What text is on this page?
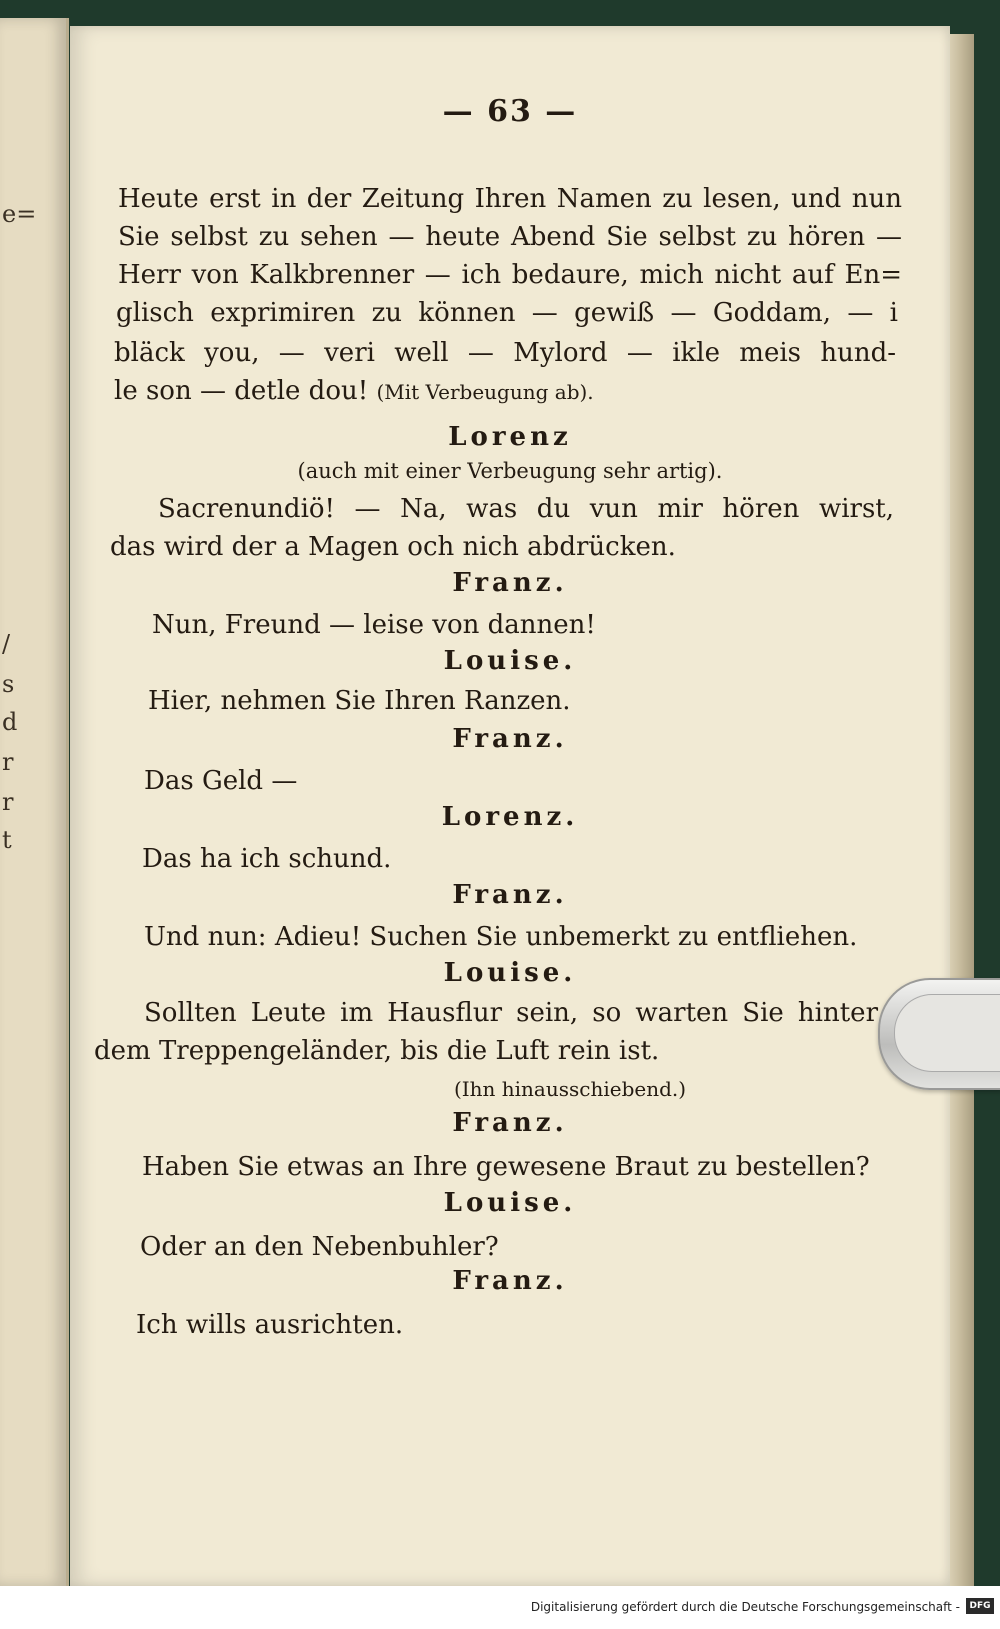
e=
/
s
d
r
r
t
— 63 —
Heute erst in der Zeitung Ihren Namen zu lesen, und nun
Sie selbst zu sehen — heute Abend Sie selbst zu hören —
Herr von Kalkbrenner — ich bedaure, mich nicht auf En=
glisch exprimiren zu können — gewiß — Goddam, — i
bläck you, — veri well — Mylord — ikle meis hund-
le son — detle dou! (Mit Verbeugung ab).
Lorenz
(auch mit einer Verbeugung sehr artig).
Sacrenundiö! — Na, was du vun mir hören wirst,
das wird der a Magen och nich abdrücken.
Franz.
Nun, Freund — leise von dannen!
Louise.
Hier, nehmen Sie Ihren Ranzen.
Franz.
Das Geld —
Lorenz.
Das ha ich schund.
Franz.
Und nun: Adieu! Suchen Sie unbemerkt zu entfliehen.
Louise.
Sollten Leute im Hausflur sein, so warten Sie hinter
dem Treppengeländer, bis die Luft rein ist.
(Ihn hinausschiebend.)
Franz.
Haben Sie etwas an Ihre gewesene Braut zu bestellen?
Louise.
Oder an den Nebenbuhler?
Franz.
Ich wills ausrichten.
Digitalisierung gefördert durch die Deutsche Forschungsgemeinschaft -	DFG
